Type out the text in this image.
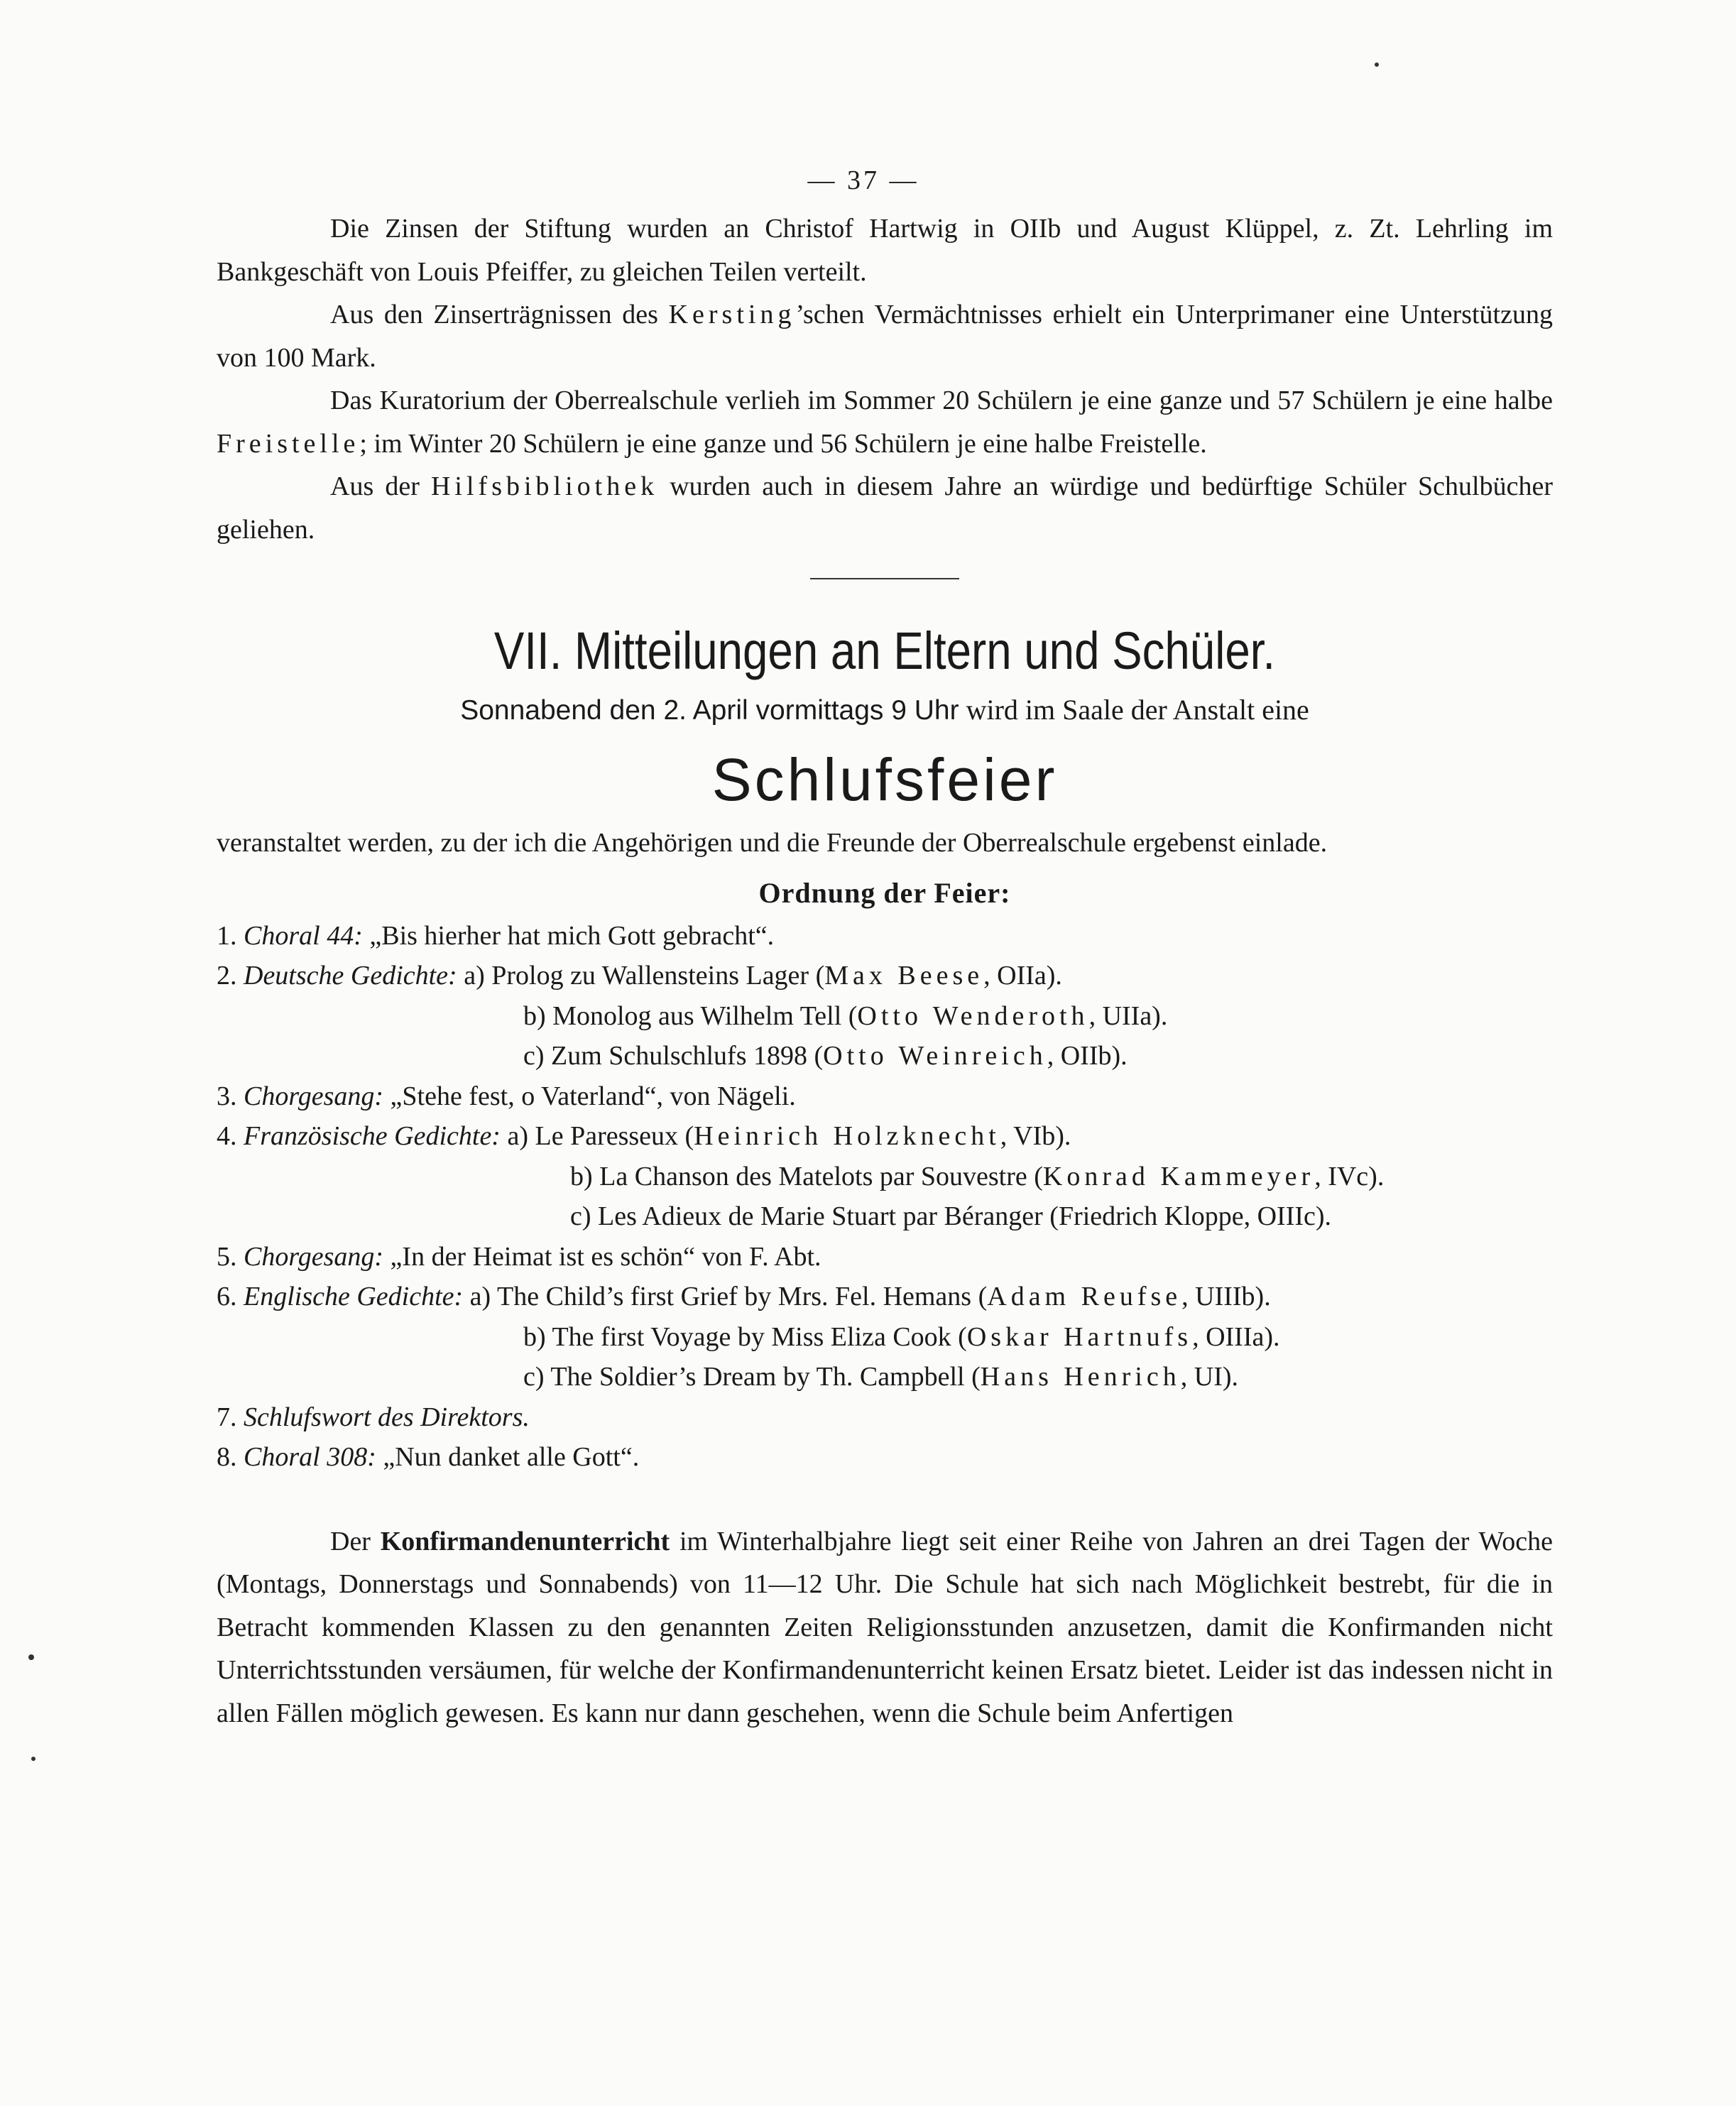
— 37 —

Die Zinsen der Stiftung wurden an Christof Hartwig in OIIb und August Klüppel, z. Zt. Lehrling im Bankgeschäft von Louis Pfeiffer, zu gleichen Teilen verteilt.

Aus den Zinserträgnissen des Kersting’schen Vermächtnisses erhielt ein Unterprimaner eine Unterstützung von 100 Mark.

Das Kuratorium der Oberrealschule verlieh im Sommer 20 Schülern je eine ganze und 57 Schülern je eine halbe Freistelle; im Winter 20 Schülern je eine ganze und 56 Schülern je eine halbe Freistelle.

Aus der Hilfsbibliothek wurden auch in diesem Jahre an würdige und bedürftige Schüler Schulbücher geliehen.

VII. Mitteilungen an Eltern und Schüler.
Sonnabend den 2. April vormittags 9 Uhr wird im Saale der Anstalt eine
Schlufsfeier

veranstaltet werden, zu der ich die Angehörigen und die Freunde der Oberrealschule ergebenst einlade.

Ordnung der Feier:
1. Choral 44: „Bis hierher hat mich Gott gebracht“.
2. Deutsche Gedichte: a) Prolog zu Wallensteins Lager (Max Beese, OIIa).
b) Monolog aus Wilhelm Tell (Otto Wenderoth, UIIa).
c) Zum Schulschlufs 1898 (Otto Weinreich, OIIb).
3. Chorgesang: „Stehe fest, o Vaterland“, von Nägeli.
4. Französische Gedichte: a) Le Paresseux (Heinrich Holzknecht, VIb).
b) La Chanson des Matelots par Souvestre (Konrad Kammeyer, IVc).
c) Les Adieux de Marie Stuart par Béranger (Friedrich Kloppe, OIIIc).
5. Chorgesang: „In der Heimat ist es schön“ von F. Abt.
6. Englische Gedichte: a) The Child’s first Grief by Mrs. Fel. Hemans (Adam Reufse, UIIIb).
b) The first Voyage by Miss Eliza Cook (Oskar Hartnufs, OIIIa).
c) The Soldier’s Dream by Th. Campbell (Hans Henrich, UI).
7. Schlufswort des Direktors.
8. Choral 308: „Nun danket alle Gott“.

Der Konfirmandenunterricht im Winterhalbjahre liegt seit einer Reihe von Jahren an drei Tagen der Woche (Montags, Donnerstags und Sonnabends) von 11—12 Uhr. Die Schule hat sich nach Möglichkeit bestrebt, für die in Betracht kommenden Klassen zu den genannten Zeiten Religionsstunden anzusetzen, damit die Konfirmanden nicht Unterrichtsstunden versäumen, für welche der Konfirmandenunterricht keinen Ersatz bietet. Leider ist das indessen nicht in allen Fällen möglich gewesen. Es kann nur dann geschehen, wenn die Schule beim Anfertigen
